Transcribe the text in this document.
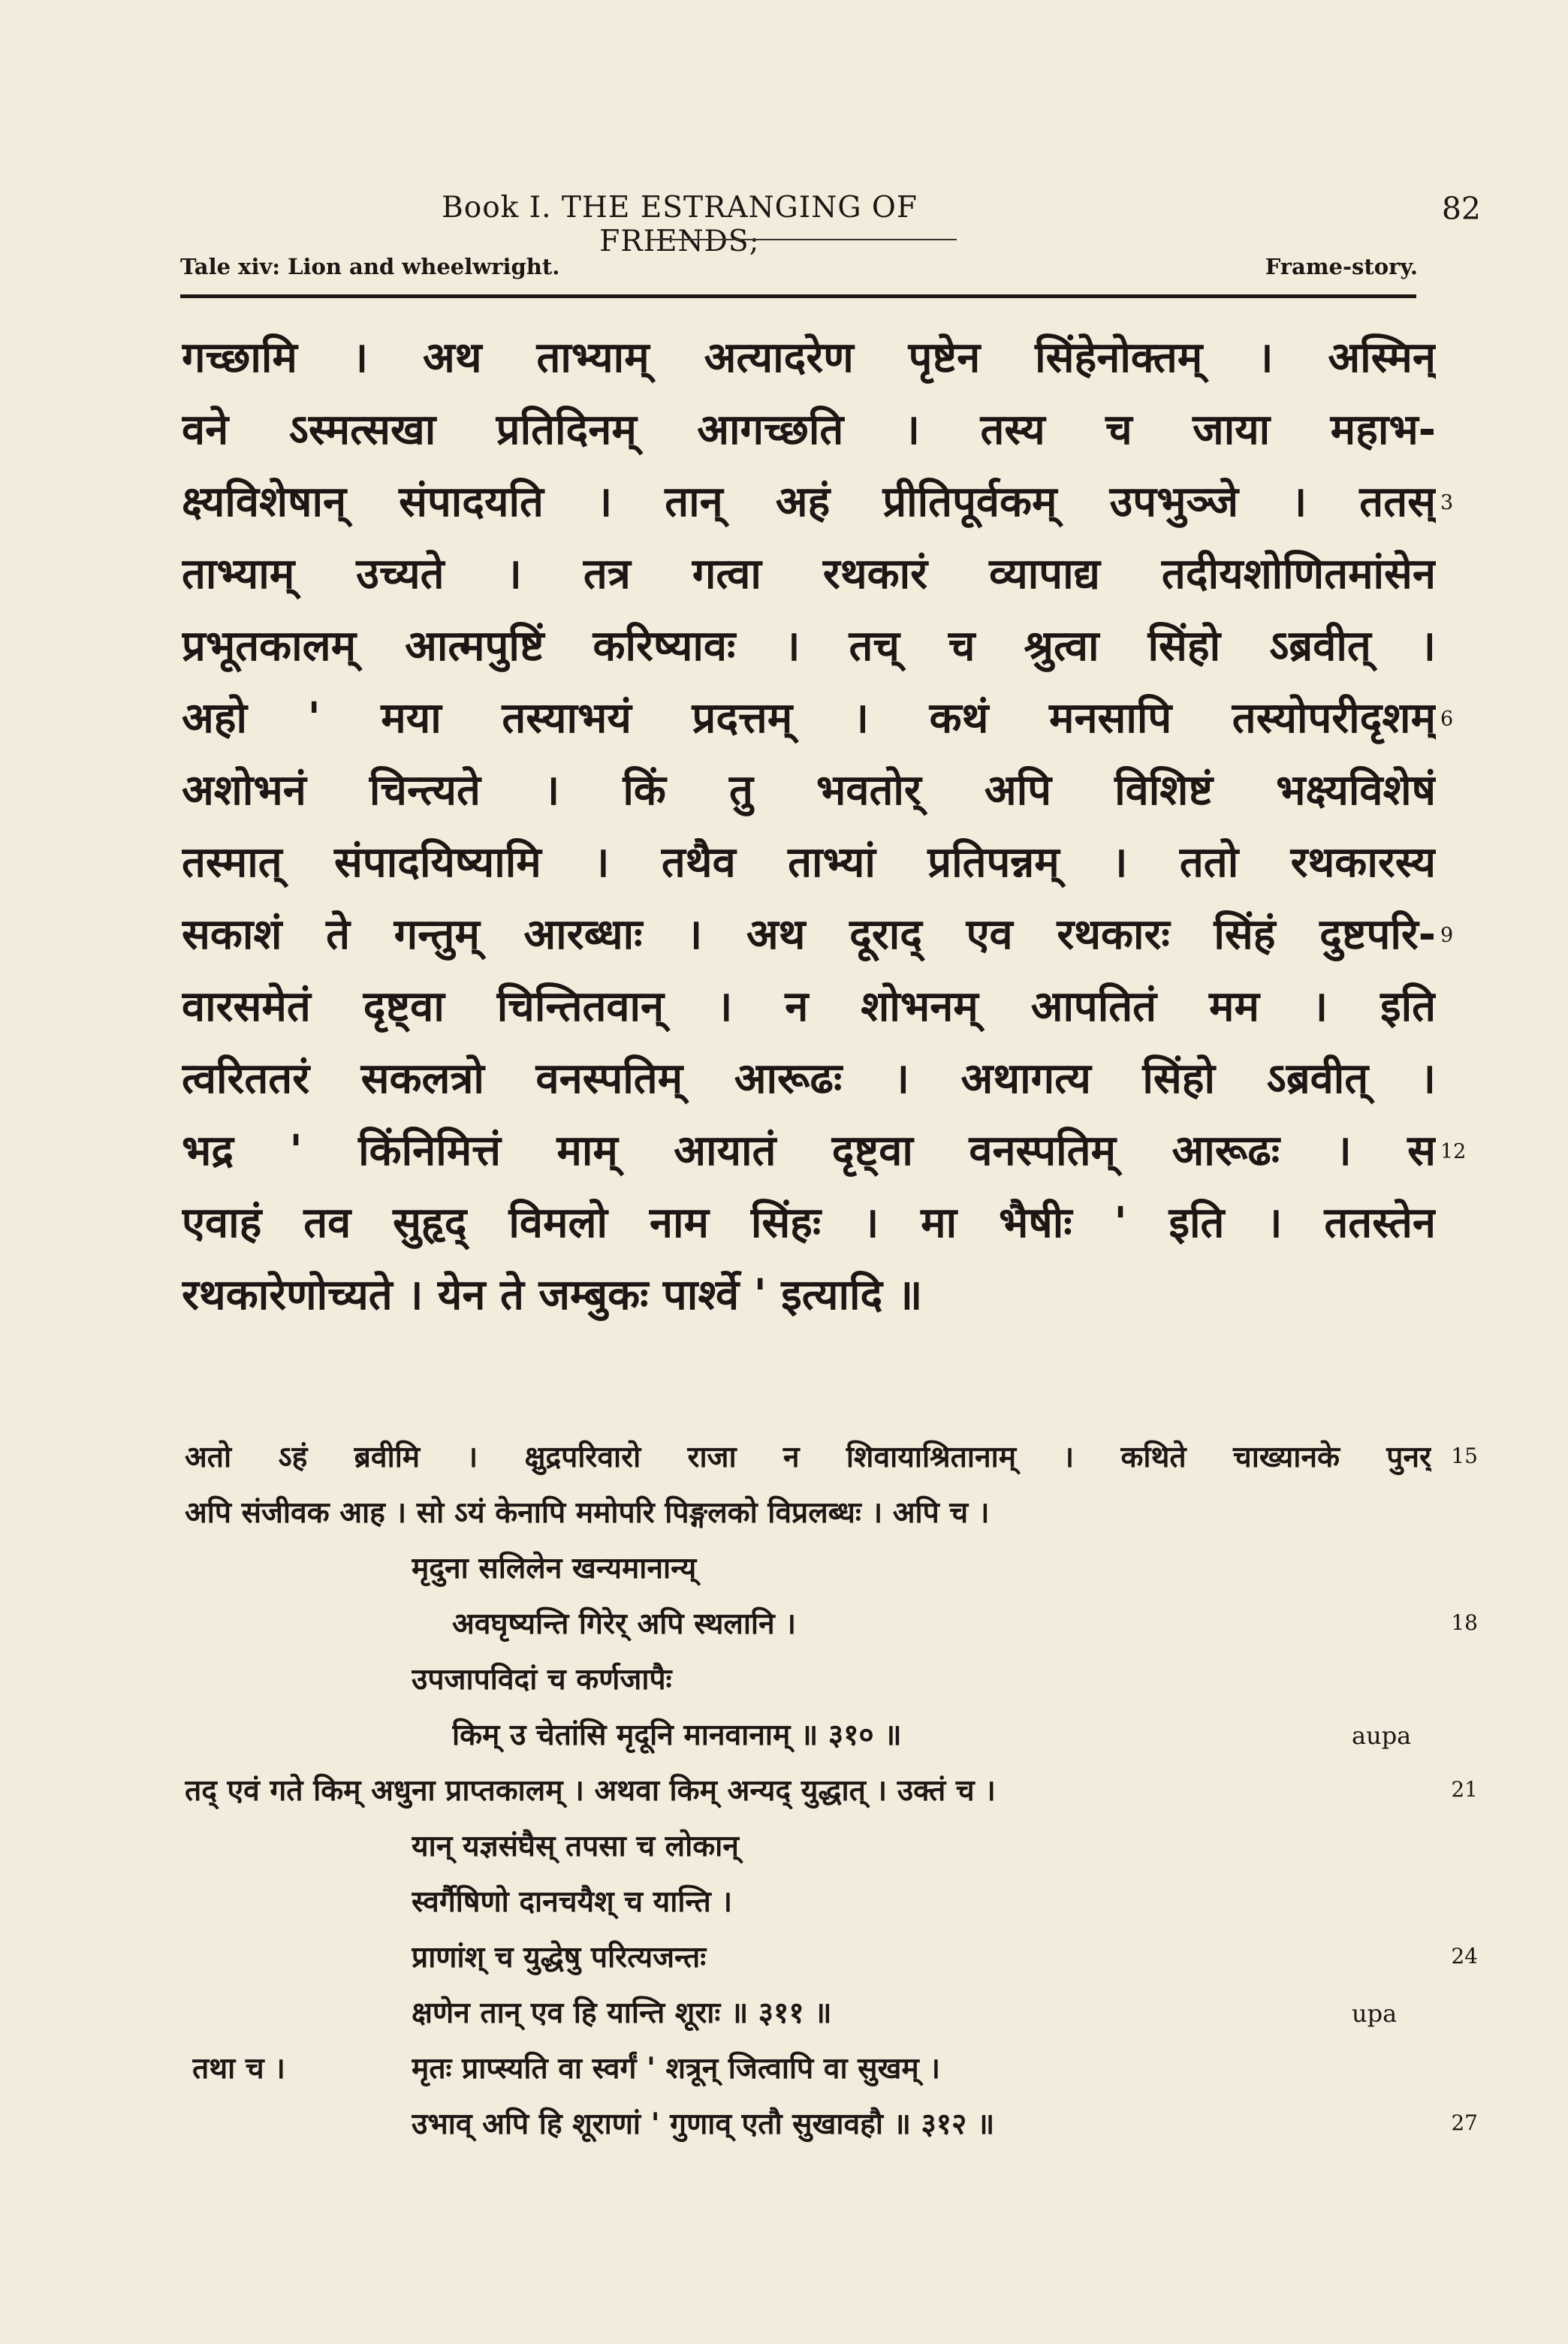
Book I. THE ESTRANGING OF FRIENDS;
82
Tale xiv: Lion and wheelwright.	Frame-story.
गच्छामि । अथ ताभ्याम् अत्यादरेण पृष्टेन सिंहेनोक्तम् । अस्मिन्
वने ऽस्मत्सखा प्रतिदिनम् आगच्छति । तस्य च जाया महाभ-
क्ष्यविशेषान् संपादयति । तान् अहं प्रीतिपूर्वकम् उपभुञ्जे । ततस् 3
ताभ्याम् उच्यते । तत्र गत्वा रथकारं व्यापाद्य तदीयशोणितमांसेन
प्रभूतकालम् आत्मपुष्टिं करिष्यावः । तच् च श्रुत्वा सिंहो ऽब्रवीत् ।
अहो ' मया तस्याभयं प्रदत्तम् । कथं मनसापि तस्योपरीदृशम् 6
अशोभनं चिन्त्यते । किं तु भवतोर् अपि विशिष्टं भक्ष्यविशेषं
तस्मात् संपादयिष्यामि । तथैव ताभ्यां प्रतिपन्नम् । ततो रथकारस्य
सकाशं ते गन्तुम् आरब्धाः । अथ दूराद् एव रथकारः सिंहं दुष्टपरि- 9
वारसमेतं दृष्ट्वा चिन्तितवान् । न शोभनम् आपतितं मम । इति
त्वरिततरं सकलत्रो वनस्पतिम् आरूढः । अथागत्य सिंहो ऽब्रवीत् ।
भद्र ' किंनिमित्तं माम् आयातं दृष्ट्वा वनस्पतिम् आरूढः । स 12
एवाहं तव सुहृद् विमलो नाम सिंहः । मा भैषीः ' इति । ततस्तेन
रथकारेणोच्यते । येन ते जम्बुकः पार्श्वे ' इत्यादि ॥
अतो ऽहं ब्रवीमि । क्षुद्रपरिवारो राजा न शिवायाश्रितानाम् । कथिते चाख्यानके पुनर् 15
अपि संजीवक आह । सो ऽयं केनापि ममोपरि पिङ्गलको विप्रलब्धः । अपि च ।
मृदुना सलिलेन खन्यमानान्य्
अवघृष्यन्ति गिरेर् अपि स्थलानि ।	18
उपजापविदां च कर्णजापैः
किम् उ चेतांसि मृदूनि मानवानाम् ॥ ३१० ॥	aupa
तद् एवं गते किम् अधुना प्राप्तकालम् । अथवा किम् अन्यद् युद्धात् । उक्तं च ।	21
यान् यज्ञसंघैस् तपसा च लोकान्
स्वर्गैषिणो दानचयैश् च यान्ति ।
प्राणांश् च युद्धेषु परित्यजन्तः	24
क्षणेन तान् एव हि यान्ति शूराः ॥ ३११ ॥	upa
तथा च ।	मृतः प्राप्स्यति वा स्वर्गं ' शत्रून् जित्वापि वा सुखम् ।
उभाव् अपि हि शूराणां ' गुणाव् एतौ सुखावहौ ॥ ३१२ ॥	27
